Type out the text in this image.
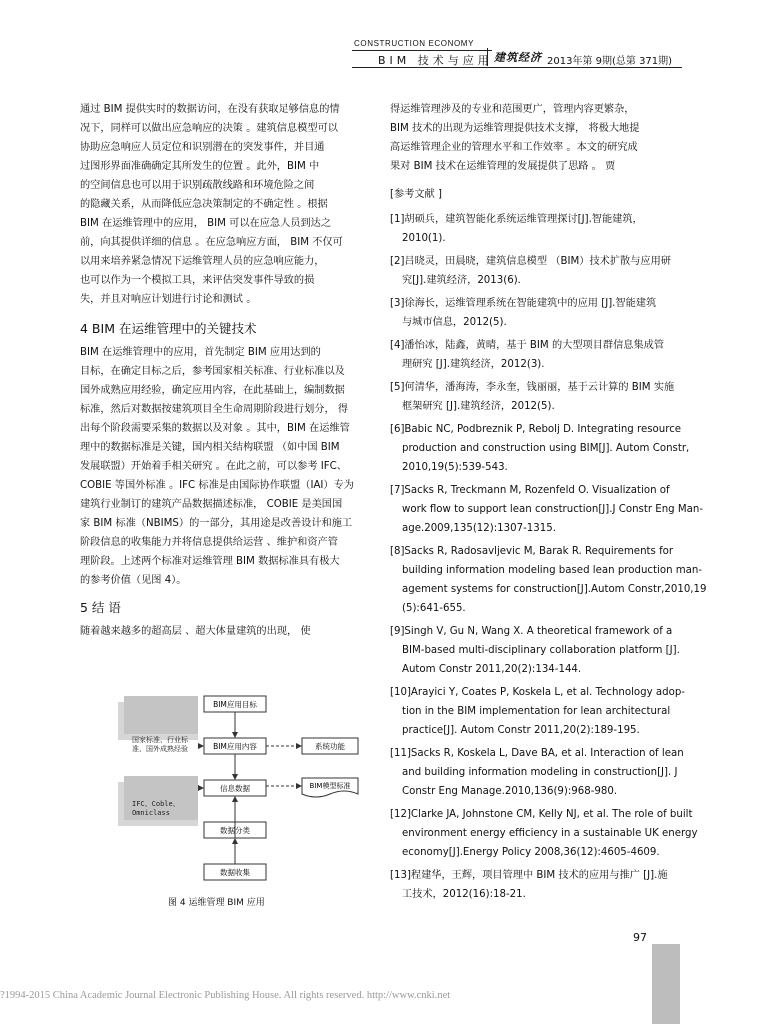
CONSTRUCTION ECONOMY
BIM 技术与应用 建筑经济 2013年第 9期(总第 371期)

通过 BIM 提供实时的数据访问，在没有获取足够信息的情

况下，同样可以做出应急响应的决策 。建筑信息模型可以

协助应急响应人员定位和识别潜在的突发事件，并目通

过图形界面准确确定其所发生的位置 。此外，BIM 中

的空间信息也可以用于识别疏散线路和环境危险之间

的隐藏关系，从而降低应急决策制定的不确定性 。根据

BIM 在运维管理中的应用， BIM 可以在应急人员到达之

前，向其提供详细的信息 。在应急响应方面， BIM 不仅可

以用来培养紧急情况下运维管理人员的应急响应能力，

也可以作为一个模拟工具，来评估突发事件导致的损

失，并且对响应计划进行讨论和测试 。

4 BIM 在运维管理中的关键技术

BIM 在运维管理中的应用，首先制定 BIM 应用达到的

目标，在确定目标之后，参考国家相关标准、行业标准以及

国外成熟应用经验，确定应用内容，在此基础上，编制数据

标准，然后对数据按建筑项目全生命周期阶段进行划分， 得

出每个阶段需要采集的数据以及对象 。其中，BIM 在运维管

理中的数据标准是关键，国内相关结构联盟 （如中国 BIM

发展联盟）开始着手相关研究 。在此之前，可以参考 IFC、

COBIE 等国外标准 。IFC 标准是由国际协作联盟（IAI）专为

建筑行业制订的建筑产品数据描述标准， COBIE 是美国国

家 BIM 标准（NBIMS）的一部分，其用途是改善设计和施工

阶段信息的收集能力并将信息提供给运营 、维护和资产管

理阶段。上述两个标准对运维管理 BIM 数据标准具有极大

的参考价值（见图 4）。

5 结 语

随着越来越多的超高层 、超大体量建筑的出现， 使

国家标准、行业标
准、国外成熟经验
IFC、Coble、
Omniclass
BIM应用目标
BIM应用内容
信息数据
数据分类
数据收集
系统功能
BIM模型标准
图 4 运维管理 BIM 应用

得运维管理涉及的专业和范围更广，管理内容更繁杂，

BIM 技术的出现为运维管理提供技术支撑， 将极大地提

高运维管理企业的管理水平和工作效率 。本文的研究成

果对 BIM 技术在运维管理的发展提供了思路 。 贾

[参考文献 ]

[1]胡硕兵，建筑智能化系统运维管理探讨[J].智能建筑，

2010(1).

[2]吕晓灵，田晨晓，建筑信息模型 （BIM）技术扩散与应用研

究[J].建筑经济，2013(6).

[3]徐海长，运维管理系统在智能建筑中的应用 [J].智能建筑

与城市信息，2012(5).

[4]潘怡冰，陆鑫，黄晴，基于 BIM 的大型项目群信息集成管

理研究 [J].建筑经济，2012(3).

[5]何清华，潘海涛，李永奎，钱丽丽，基于云计算的 BIM 实施

框架研究 [J].建筑经济，2012(5).

[6]Babic NC, Podbreznik P, Rebolj D. Integrating resource

production and construction using BIM[J]. Autom Constr,

2010,19(5):539-543.

[7]Sacks R, Treckmann M, Rozenfeld O. Visualization of

work flow to support lean construction[J].J Constr Eng Man-

age.2009,135(12):1307-1315.

[8]Sacks R, Radosavljevic M, Barak R. Requirements for

building information modeling based lean production man-

agement systems for construction[J].Autom Constr,2010,19

(5):641-655.

[9]Singh V, Gu N, Wang X. A theoretical framework of a

BIM-based multi-disciplinary collaboration platform [J].

Autom Constr 2011,20(2):134-144.

[10]Arayici Y, Coates P, Koskela L, et al. Technology adop-

tion in the BIM implementation for lean architectural

practice[J]. Autom Constr 2011,20(2):189-195.

[11]Sacks R, Koskela L, Dave BA, et al. Interaction of lean

and building information modeling in construction[J]. J

Constr Eng Manage.2010,136(9):968-980.

[12]Clarke JA, Johnstone CM, Kelly NJ, et al. The role of built

environment energy efficiency in a sustainable UK energy

economy[J].Energy Policy 2008,36(12):4605-4609.

[13]程建华，王辉，项目管理中 BIM 技术的应用与推广 [J].施

工技术，2012(16):18-21.

97
?1994-2015 China Academic Journal Electronic Publishing House. All rights reserved. http://www.cnki.net
